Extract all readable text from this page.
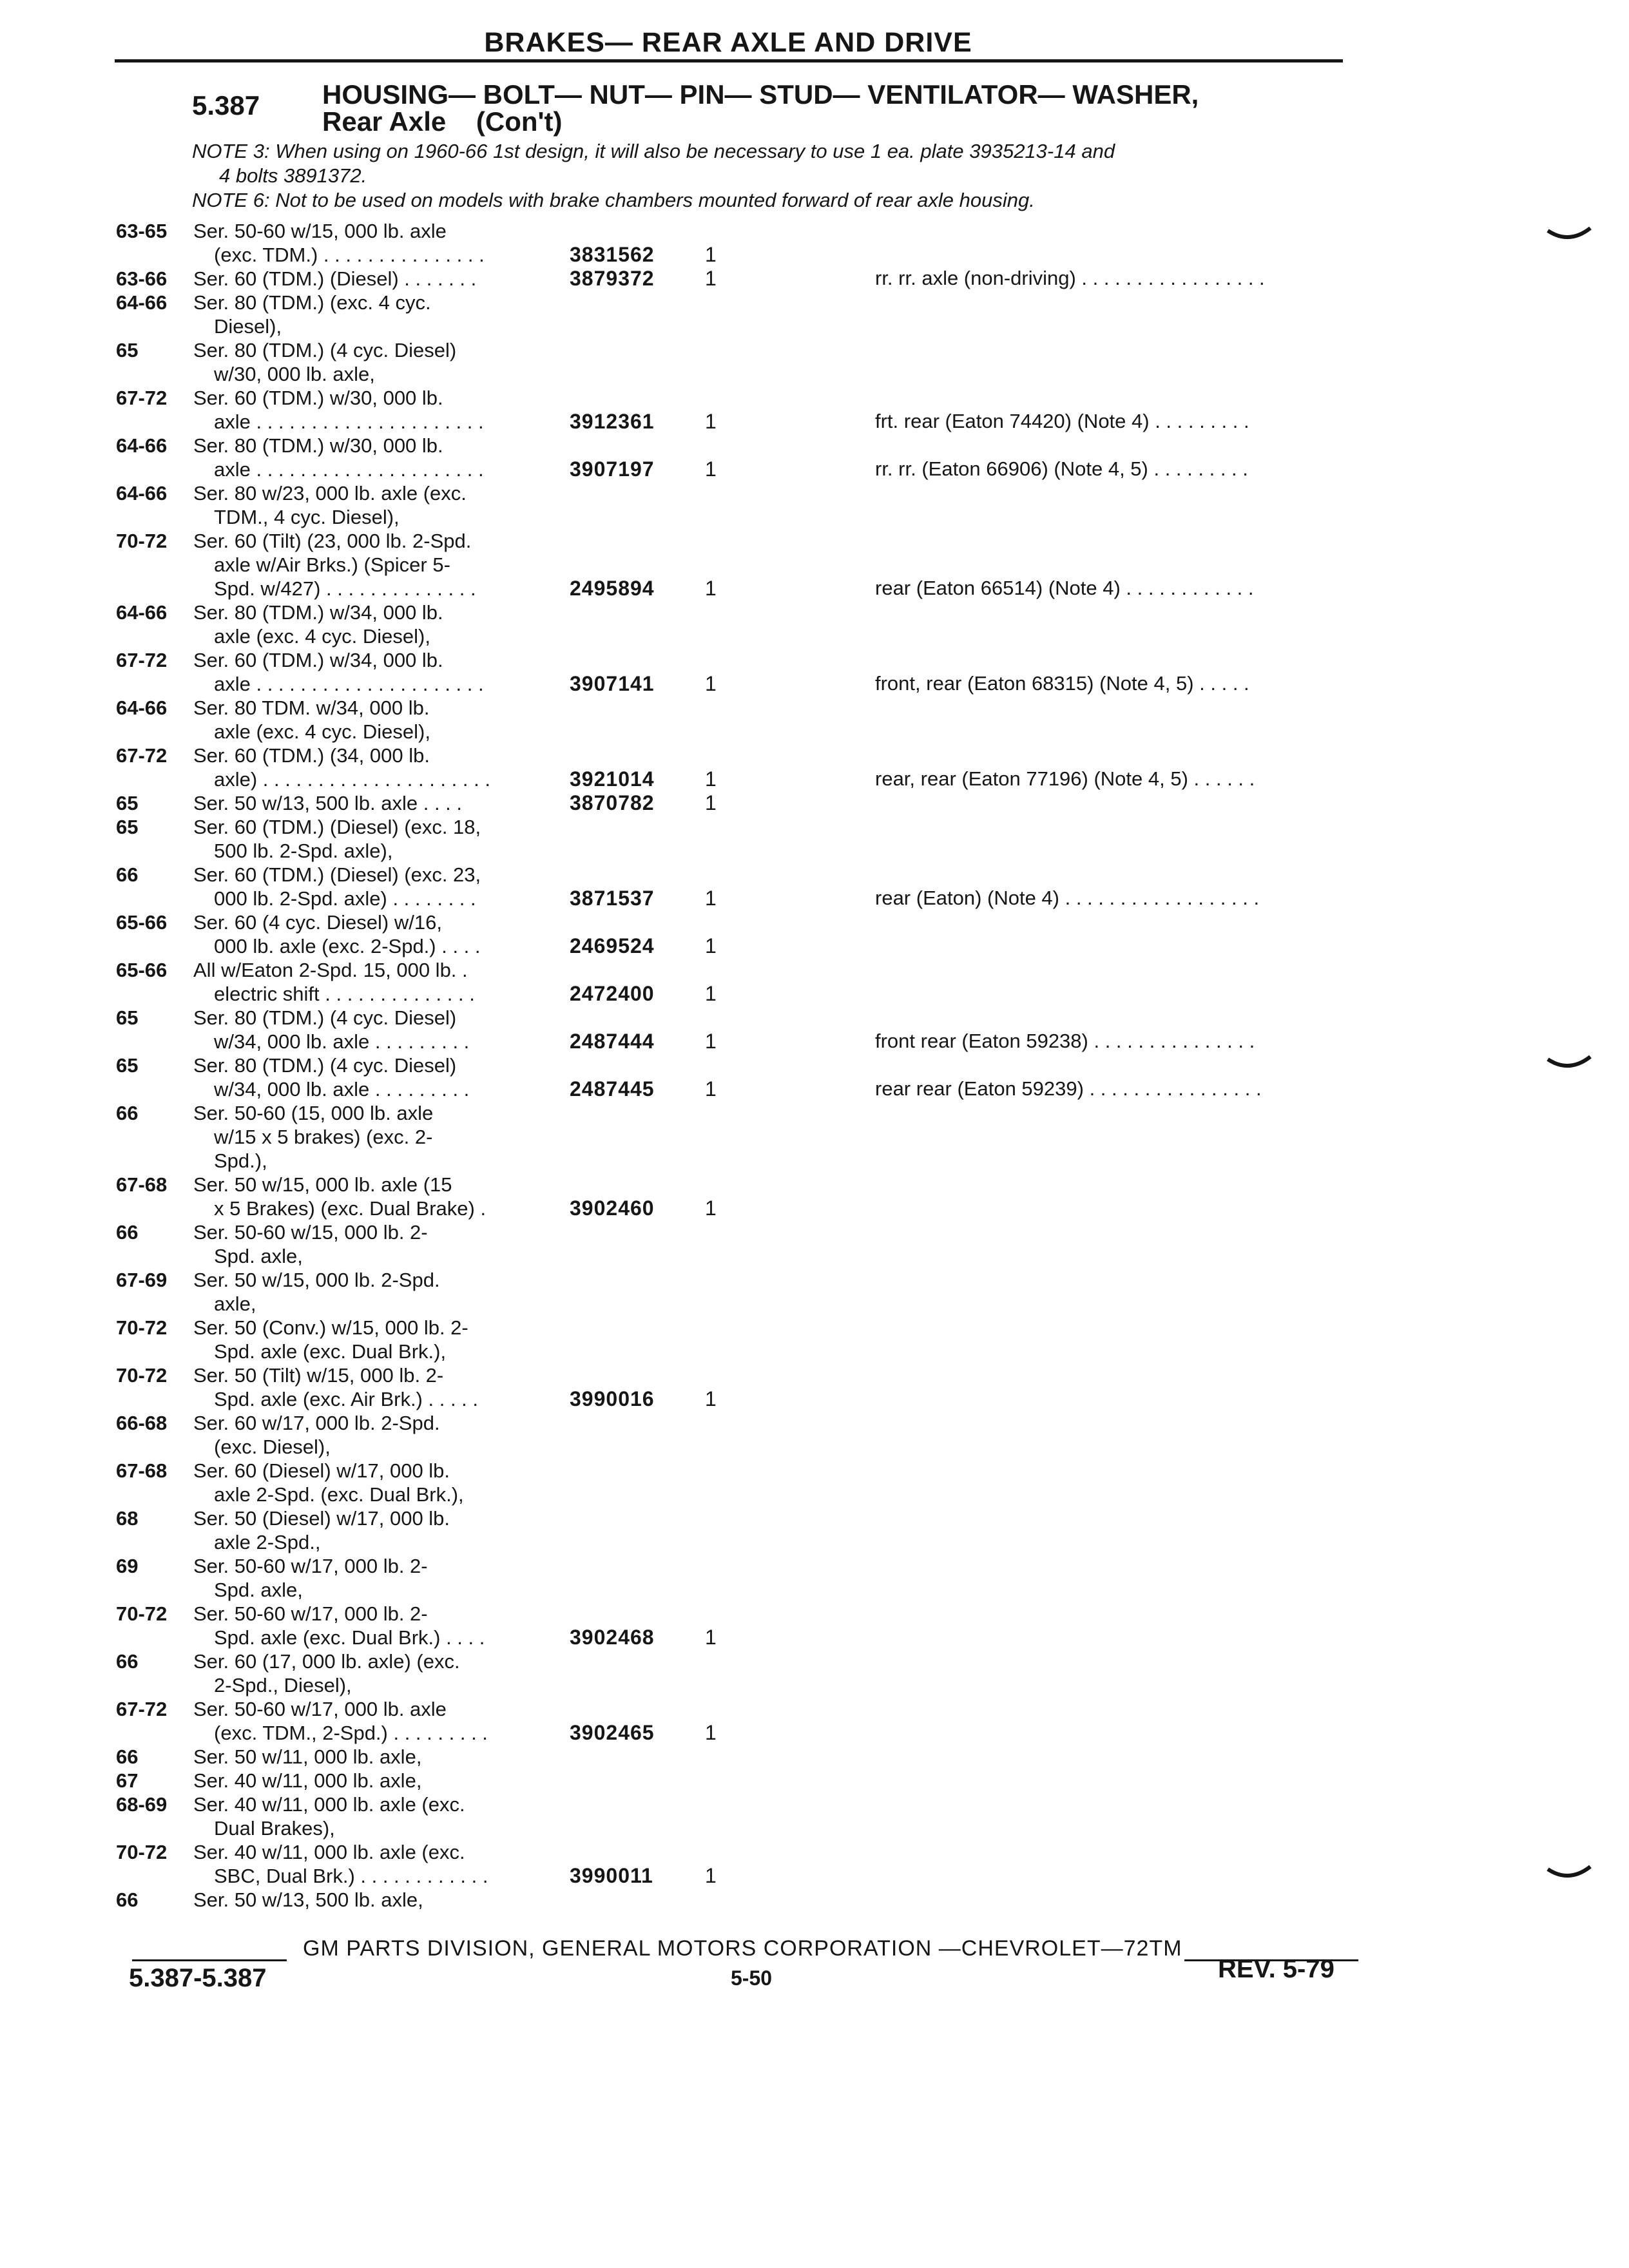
BRAKES— REAR AXLE AND DRIVE
5.387 HOUSING— BOLT— NUT— PIN— STUD— VENTILATOR— WASHER,
Rear Axle    (Con't)
NOTE 3: When using on 1960-66 1st design, it will also be necessary to use 1 ea. plate 3935213-14 and
4 bolts 3891372.
NOTE 6: Not to be used on models with brake chambers mounted forward of rear axle housing.
63-65 Ser. 50-60 w/15, 000 lb. axle
(exc. TDM.) . . . . . . . . . . . . . . .	3831562 1
63-66 Ser. 60 (TDM.) (Diesel) . . . . . . .	3879372 1	rr. rr. axle (non-driving) . . . . . . . . . . . . . . . . .
64-66 Ser. 80 (TDM.) (exc. 4 cyc.
Diesel),
65	Ser. 80 (TDM.) (4 cyc. Diesel)
w/30, 000 lb. axle,
67-72 Ser. 60 (TDM.) w/30, 000 lb.
axle . . . . . . . . . . . . . . . . . . . . .	3912361 1	frt. rear (Eaton 74420) (Note 4) . . . . . . . . .
64-66 Ser. 80 (TDM.) w/30, 000 lb.
axle . . . . . . . . . . . . . . . . . . . . .	3907197 1	rr. rr. (Eaton 66906) (Note 4, 5) . . . . . . . . .
64-66 Ser. 80 w/23, 000 lb. axle (exc.
TDM., 4 cyc. Diesel),
70-72 Ser. 60 (Tilt) (23, 000 lb. 2-Spd.
axle w/Air Brks.) (Spicer 5-
Spd. w/427) . . . . . . . . . . . . . .	2495894 1	rear (Eaton 66514) (Note 4) . . . . . . . . . . . .
64-66 Ser. 80 (TDM.) w/34, 000 lb.
axle (exc. 4 cyc. Diesel),
67-72 Ser. 60 (TDM.) w/34, 000 lb.
axle . . . . . . . . . . . . . . . . . . . . .	3907141 1	front, rear (Eaton 68315) (Note 4, 5) . . . . .
64-66 Ser. 80 TDM. w/34, 000 lb.
axle (exc. 4 cyc. Diesel),
67-72 Ser. 60 (TDM.) (34, 000 lb.
axle) . . . . . . . . . . . . . . . . . . . . .	3921014 1	rear, rear (Eaton 77196) (Note 4, 5) . . . . . .
65	Ser. 50 w/13, 500 lb. axle . . . .	3870782 1
65	Ser. 60 (TDM.) (Diesel) (exc. 18,
500 lb. 2-Spd. axle),
66	Ser. 60 (TDM.) (Diesel) (exc. 23,
000 lb. 2-Spd. axle) . . . . . . . .	3871537 1	rear (Eaton) (Note 4) . . . . . . . . . . . . . . . . . .
65-66 Ser. 60 (4 cyc. Diesel) w/16,
000 lb. axle (exc. 2-Spd.) . . . .	2469524 1
65-66 All w/Eaton 2-Spd. 15, 000 lb. .
electric shift . . . . . . . . . . . . . .	2472400 1
65	Ser. 80 (TDM.) (4 cyc. Diesel)
w/34, 000 lb. axle . . . . . . . . .	2487444 1	front rear (Eaton 59238) . . . . . . . . . . . . . . .
65	Ser. 80 (TDM.) (4 cyc. Diesel)
w/34, 000 lb. axle . . . . . . . . .	2487445 1	rear rear (Eaton 59239) . . . . . . . . . . . . . . . .
66	Ser. 50-60 (15, 000 lb. axle
w/15 x 5 brakes) (exc. 2-
Spd.),
67-68 Ser. 50 w/15, 000 lb. axle (15
x 5 Brakes) (exc. Dual Brake) .	3902460 1
66	Ser. 50-60 w/15, 000 lb. 2-
Spd. axle,
67-69 Ser. 50 w/15, 000 lb. 2-Spd.
axle,
70-72 Ser. 50 (Conv.) w/15, 000 lb. 2-
Spd. axle (exc. Dual Brk.),
70-72 Ser. 50 (Tilt) w/15, 000 lb. 2-
Spd. axle (exc. Air Brk.) . . . . .	3990016 1
66-68 Ser. 60 w/17, 000 lb. 2-Spd.
(exc. Diesel),
67-68 Ser. 60 (Diesel) w/17, 000 lb.
axle 2-Spd. (exc. Dual Brk.),
68	Ser. 50 (Diesel) w/17, 000 lb.
axle 2-Spd.,
69	Ser. 50-60 w/17, 000 lb. 2-
Spd. axle,
70-72 Ser. 50-60 w/17, 000 lb. 2-
Spd. axle (exc. Dual Brk.) . . . .	3902468 1
66	Ser. 60 (17, 000 lb. axle) (exc.
2-Spd., Diesel),
67-72 Ser. 50-60 w/17, 000 lb. axle
(exc. TDM., 2-Spd.) . . . . . . . . .	3902465 1
66	Ser. 50 w/11, 000 lb. axle,
67	Ser. 40 w/11, 000 lb. axle,
68-69 Ser. 40 w/11, 000 lb. axle (exc.
Dual Brakes),
70-72 Ser. 40 w/11, 000 lb. axle (exc.
SBC, Dual Brk.) . . . . . . . . . . . .	3990011	1
66	Ser. 50 w/13, 500 lb. axle,
GM PARTS DIVISION, GENERAL MOTORS CORPORATION —CHEVROLET—72TM
5.387-5.387	5-50	REV. 5-79
